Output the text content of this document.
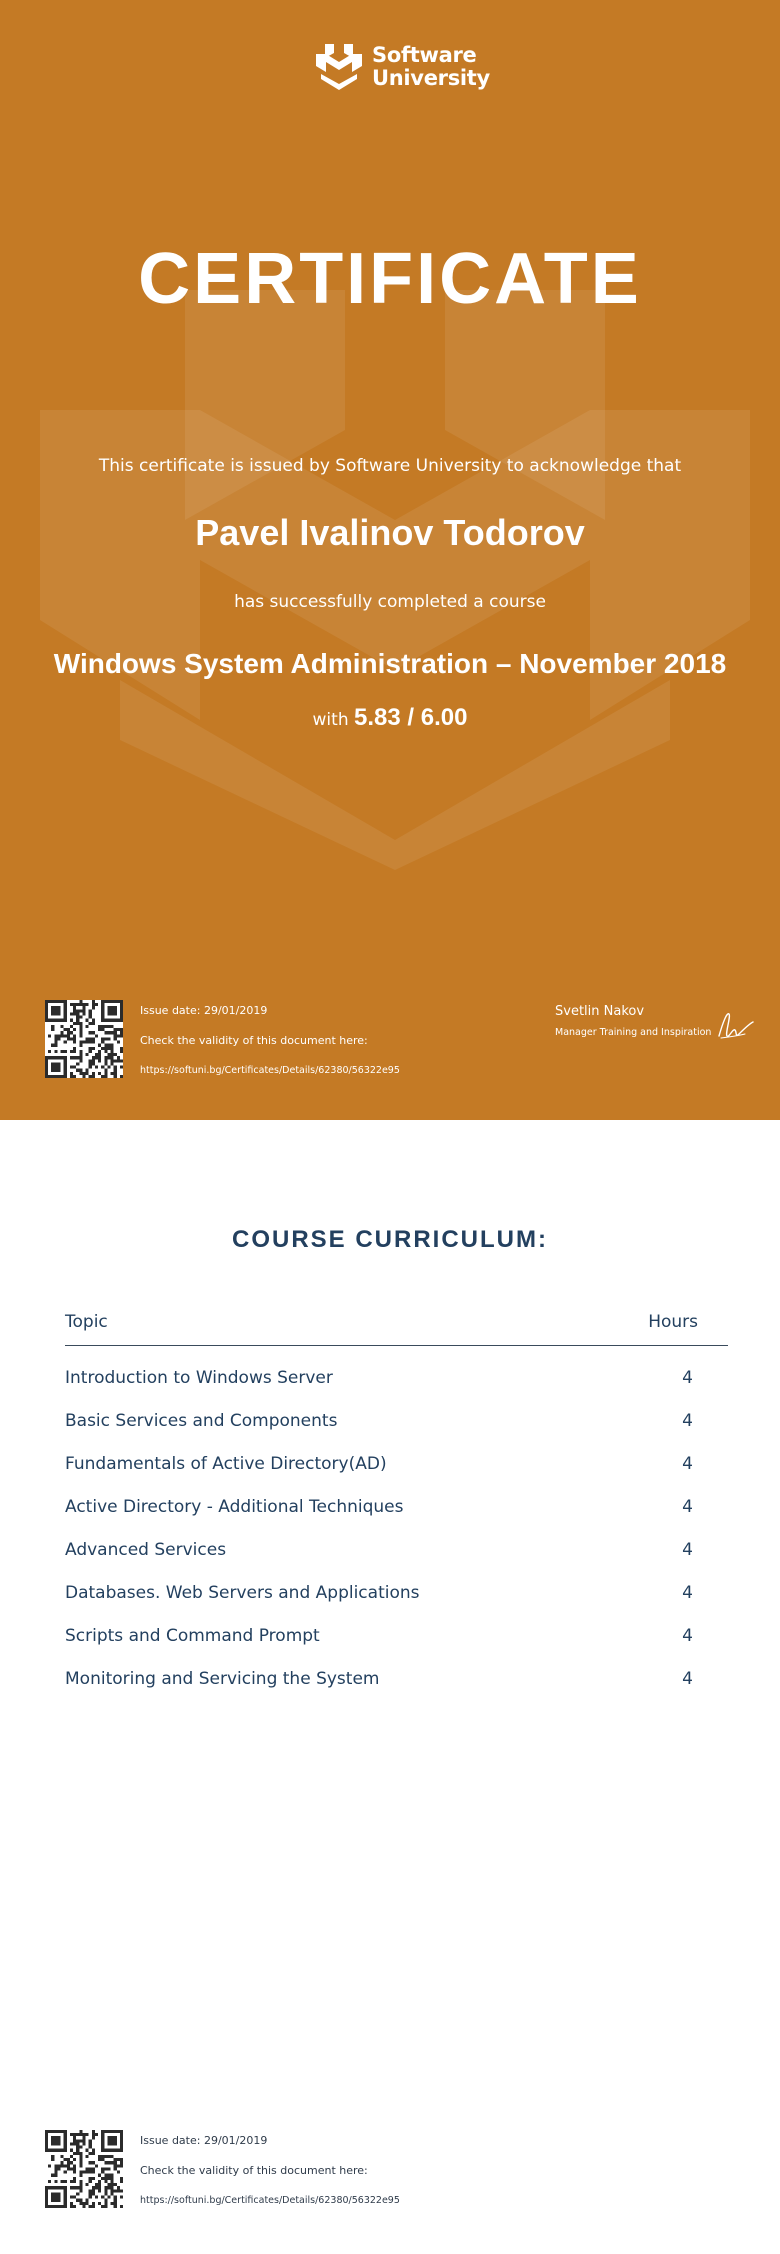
Software
University
CERTIFICATE
This certificate is issued by Software University to acknowledge that
Pavel Ivalinov Todorov
has successfully completed a course
Windows System Administration – November 2018
with 5.83 / 6.00
Issue date: 29/01/2019
Check the validity of this document here:
https://softuni.bg/Certificates/Details/62380/56322e95
Svetlin Nakov
Manager Training and Inspiration
COURSE CURRICULUM:
Topic	Hours
Introduction to Windows Server	4
Basic Services and Components	4
Fundamentals of Active Directory(AD)	4
Active Directory - Additional Techniques	4
Advanced Services	4
Databases. Web Servers and Applications	4
Scripts and Command Prompt	4
Monitoring and Servicing the System	4
Issue date: 29/01/2019
Check the validity of this document here:
https://softuni.bg/Certificates/Details/62380/56322e95
